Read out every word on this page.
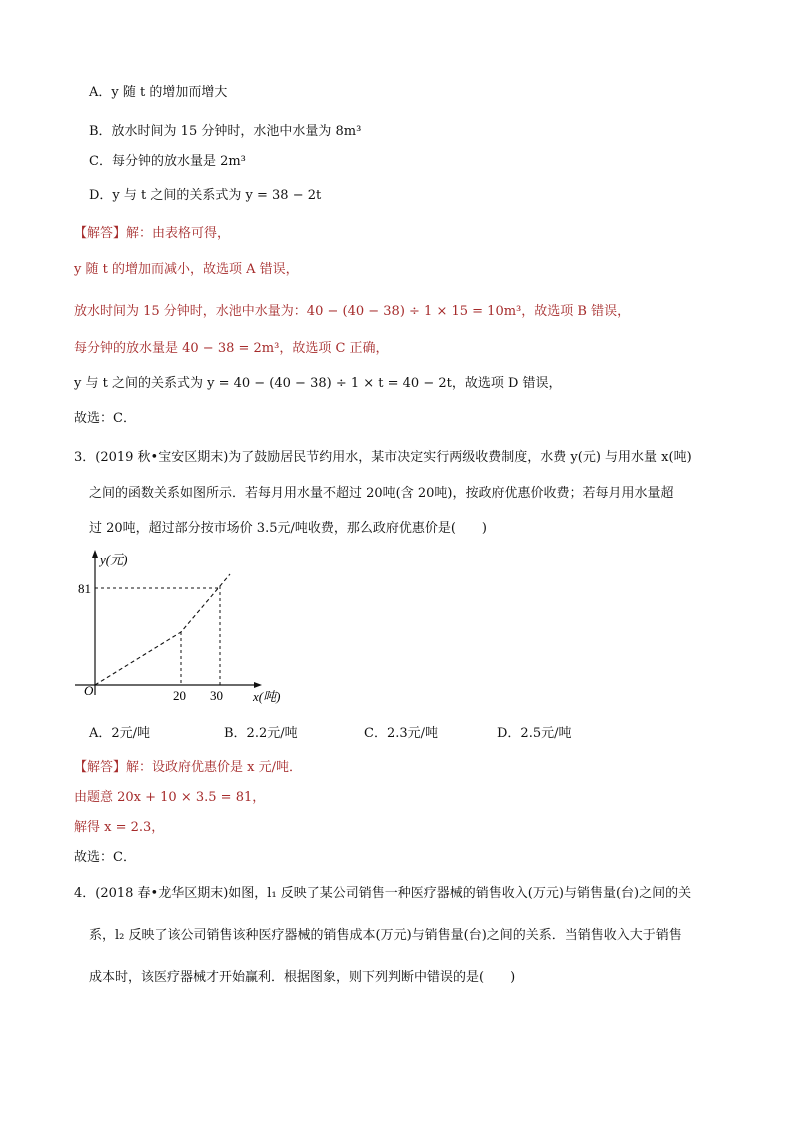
A．y 随 t 的增加而增大
B．放水时间为 15 分钟时，水池中水量为 8m³
C．每分钟的放水量是 2m³
D．y 与 t 之间的关系式为 y = 38 − 2t
【解答】解：由表格可得，
y 随 t 的增加而减小，故选项 A 错误，
放水时间为 15 分钟时，水池中水量为：40 − (40 − 38) ÷ 1 × 15 = 10m³，故选项 B 错误，
每分钟的放水量是 40 − 38 = 2m³，故选项 C 正确，
y 与 t 之间的关系式为 y = 40 − (40 − 38) ÷ 1 × t = 40 − 2t，故选项 D 错误，
故选：C．
3．(2019 秋•宝安区期末)为了鼓励居民节约用水，某市决定实行两级收费制度，水费 y(元) 与用水量 x(吨)
之间的函数关系如图所示．若每月用水量不超过 20吨(含 20吨)，按政府优惠价收费；若每月用水量超
过 20吨，超过部分按市场价 3.5元/吨收费，那么政府优惠价是(　　)
y(元)
81
O	20 30 x(吨)
A．2元/吨	B．2.2元/吨	C．2.3元/吨	D．2.5元/吨
【解答】解：设政府优惠价是 x 元/吨．
由题意 20x + 10 × 3.5 = 81，
解得 x = 2.3，
故选：C．
4．(2018 春•龙华区期末)如图，l₁ 反映了某公司销售一种医疗器械的销售收入(万元)与销售量(台)之间的关
系，l₂ 反映了该公司销售该种医疗器械的销售成本(万元)与销售量(台)之间的关系．当销售收入大于销售
成本时，该医疗器械才开始赢利．根据图象，则下列判断中错误的是(　　)
